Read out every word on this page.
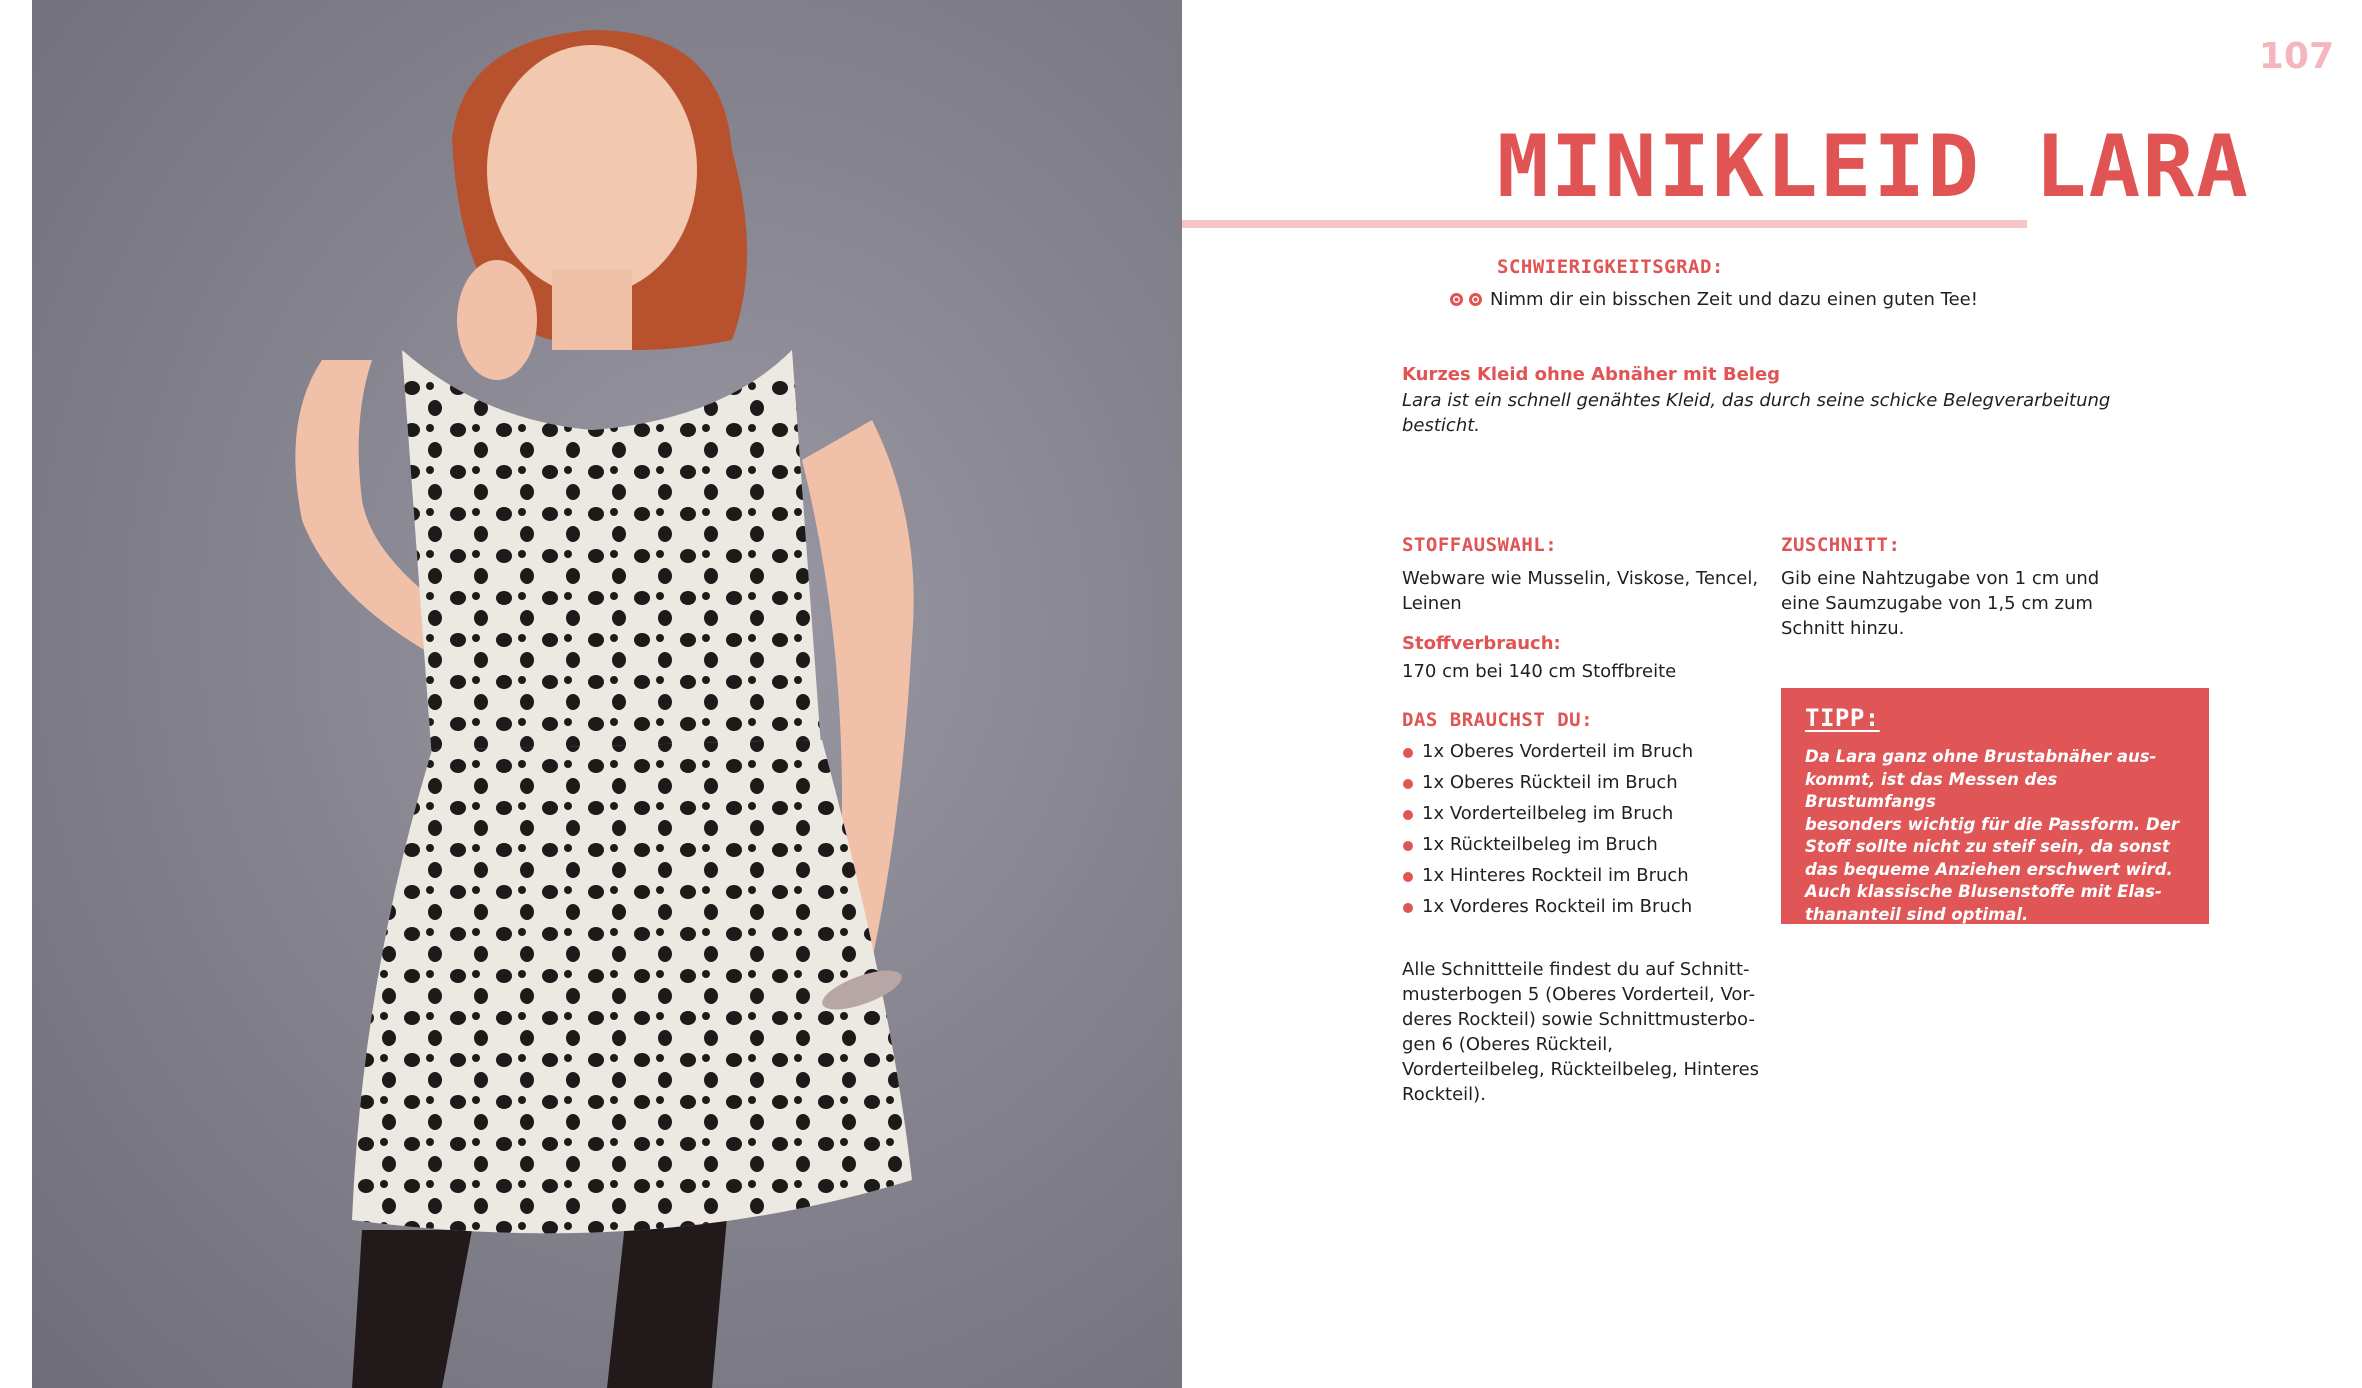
107
MINIKLEID LARA
SCHWIERIGKEITSGRAD:
Nimm dir ein bisschen Zeit und dazu einen guten Tee!
Kurzes Kleid ohne Abnäher mit Beleg
Lara ist ein schnell genähtes Kleid, das durch seine schicke Belegverarbeitung
besticht.
STOFFAUSWAHL:
Webware wie Musselin, Viskose, Tencel,
Leinen
Stoffverbrauch:
170 cm bei 140 cm Stoffbreite
DAS BRAUCHST DU:
1x Oberes Vorderteil im Bruch
1x Oberes Rückteil im Bruch
1x Vorderteilbeleg im Bruch
1x Rückteilbeleg im Bruch
1x Hinteres Rockteil im Bruch
1x Vorderes Rockteil im Bruch
Alle Schnittteile findest du auf Schnitt-
musterbogen 5 (Oberes Vorderteil, Vor-
deres Rockteil) sowie Schnittmusterbo-
gen 6 (Oberes Rückteil,
Vorderteilbeleg, Rückteilbeleg, Hinteres
Rockteil).
ZUSCHNITT:
Gib eine Nahtzugabe von 1 cm und
eine Saumzugabe von 1,5 cm zum
Schnitt hinzu.
TIPP:
Da Lara ganz ohne Brustabnäher aus-
kommt, ist das Messen des Brustumfangs
besonders wichtig für die Passform. Der
Stoff sollte nicht zu steif sein, da sonst
das bequeme Anziehen erschwert wird.
Auch klassische Blusenstoffe mit Elas-
thananteil sind optimal.
